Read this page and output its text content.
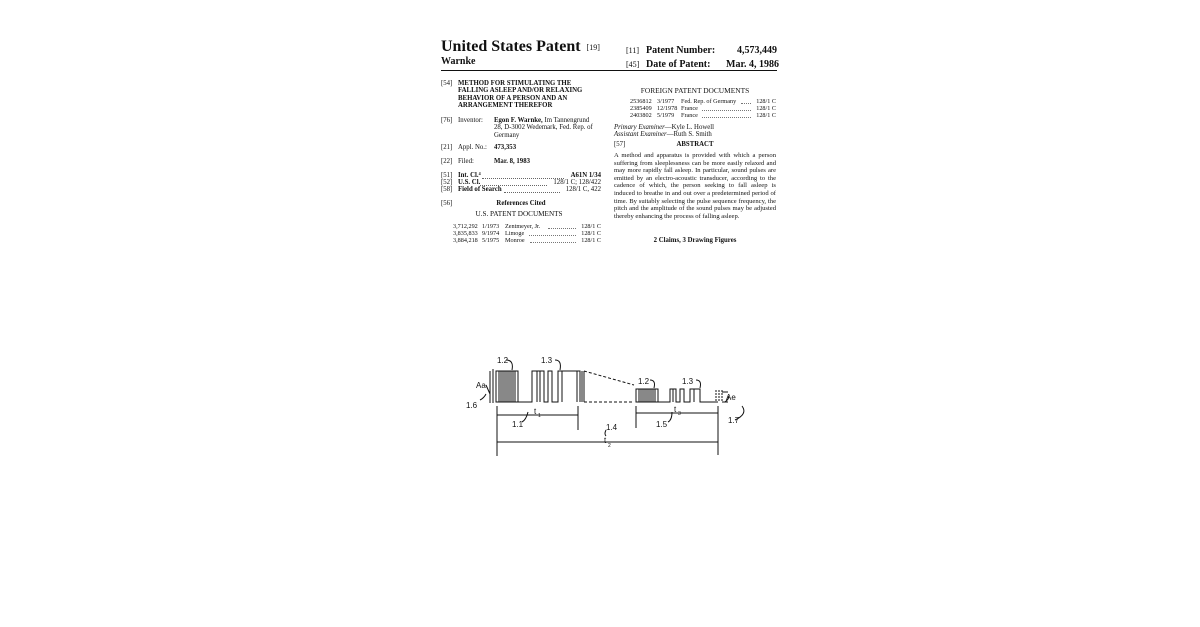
United States Patent [19]
Warnke
[11] Patent Number:	4,573,449
[45] Date of Patent: Mar. 4, 1986
[54] METHOD FOR STIMULATING THE
FALLING ASLEEP AND/OR RELAXING
BEHAVIOR OF A PERSON AND AN
ARRANGEMENT THEREFOR
[76] Inventor: Egon F. Warnke, Im Tannengrund
28, D-3002 Wedemark, Fed. Rep. of
Germany
[21] Appl. No.: 473,353
[22] Filed:	Mar. 8, 1983
[51] Int. Cl.⁴	A61N 1/34
[52] U.S. Cl.	128/1 C; 128/422
[58] Field of Search	128/1 C, 422
[56]	References Cited
U.S. PATENT DOCUMENTS
3,712,292 1/1973 Zentmeyer, Jr.	128/1 C
3,835,833 9/1974 Limoge	128/1 C
3,884,218 5/1975 Monroe	128/1 C
FOREIGN PATENT DOCUMENTS
2536812 3/1977 Fed. Rep. of Germany	128/1 C
2385409 12/1978 France	128/1 C
2403802 5/1979 France	128/1 C
Primary Examiner—Kyle L. Howell
Assistant Examiner—Ruth S. Smith
[57]	ABSTRACT
A method and apparatus is provided with which a person suffering from sleeplessness can be more easily relaxed and may more rapidly fall asleep. In particular, sound pulses are emitted by an electro-acoustic transducer, according to the cadence of which, the person seeking to fall asleep is induced to breathe in and out over a predetermined period of time. By suitably selecting the pulse sequence frequency, the pitch and the amplitude of the sound pulses may be adjusted thereby enhancing the process of falling asleep.
2 Claims, 3 Drawing Figures
1.2	1.3
1.2	1.3
Aa
Ae
1.6
1.1	1.5
1.4
1.7
t 1
t 3
t
2
